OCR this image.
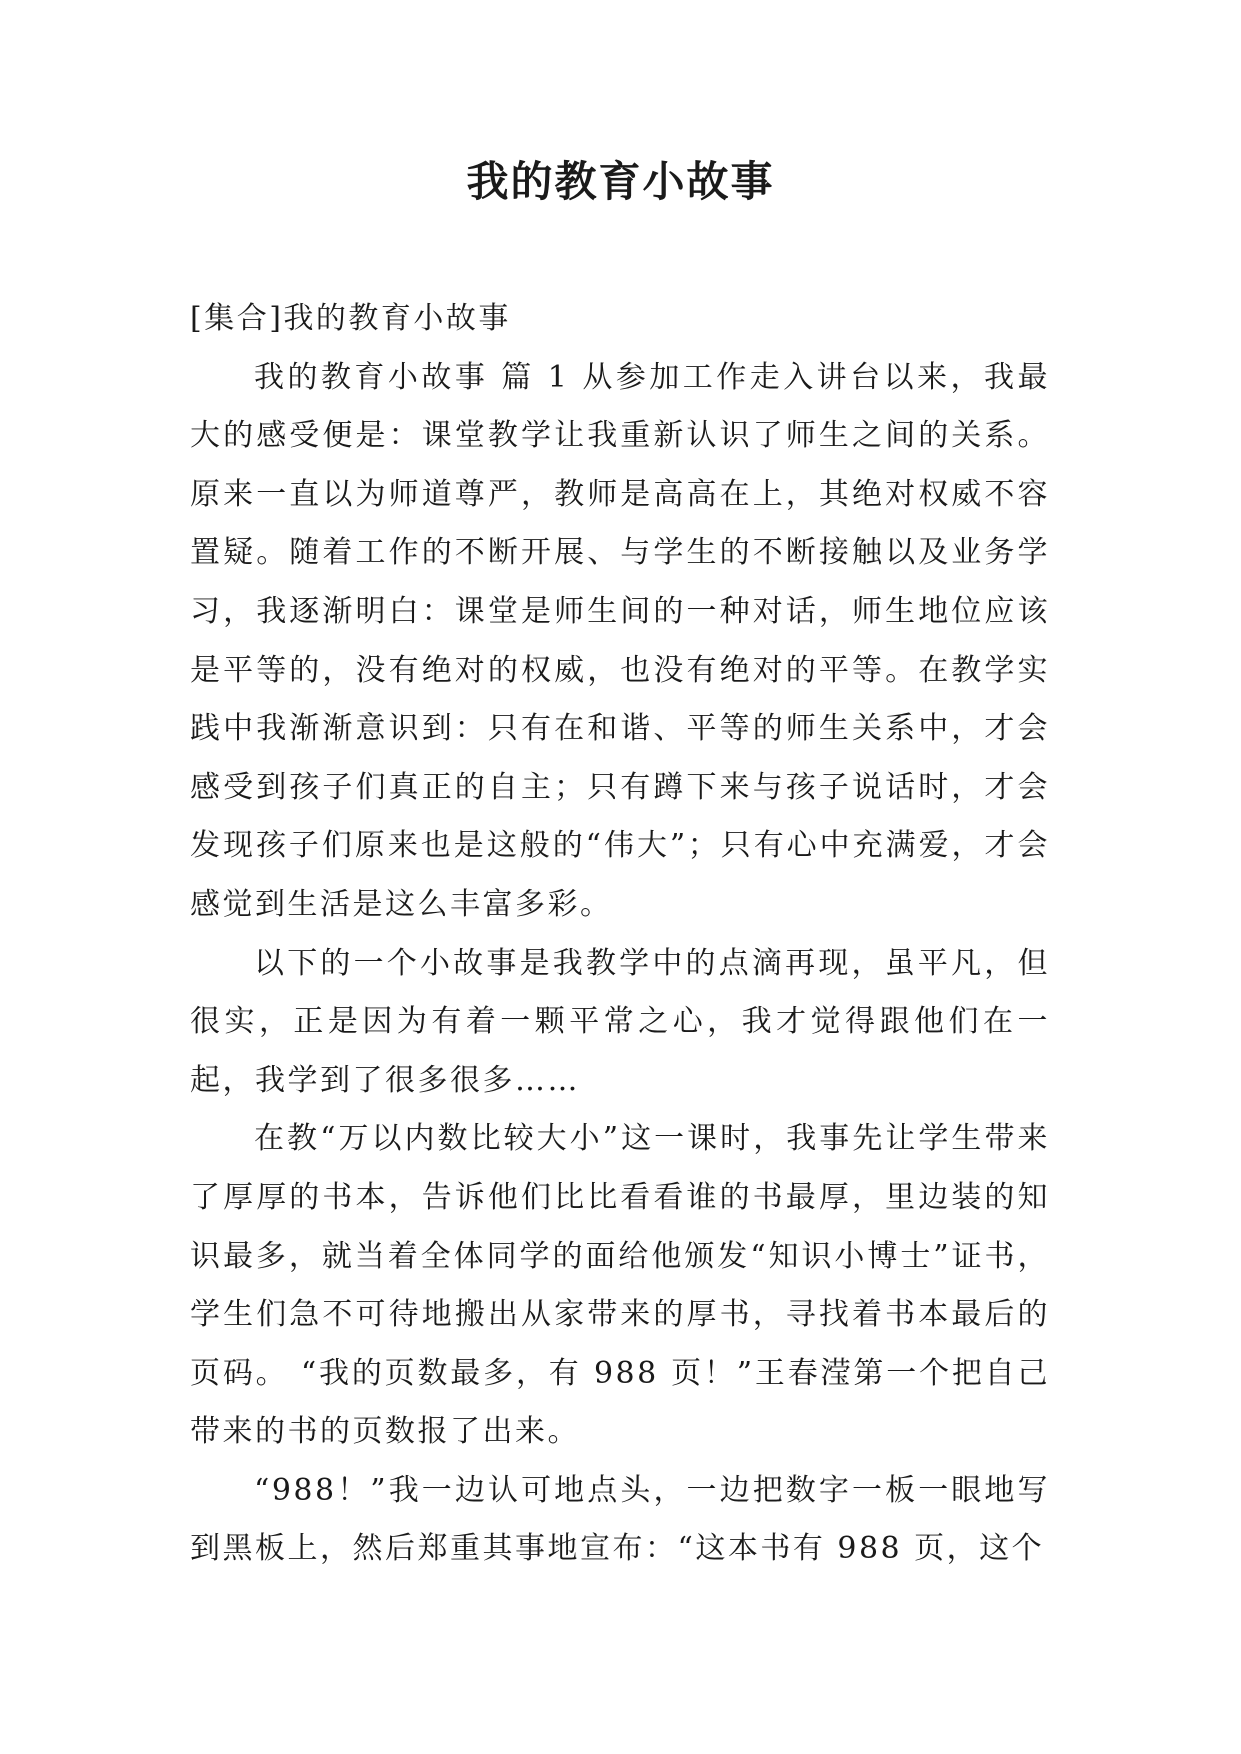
我的教育小故事

[集合]我的教育小故事

我的教育小故事 篇 1 从参加工作走入讲台以来，我最大的感受便是：课堂教学让我重新认识了师生之间的关系。原来一直以为师道尊严，教师是高高在上，其绝对权威不容置疑。随着工作的不断开展、与学生的不断接触以及业务学习，我逐渐明白：课堂是师生间的一种对话，师生地位应该是平等的，没有绝对的权威，也没有绝对的平等。在教学实践中我渐渐意识到：只有在和谐、平等的师生关系中，才会感受到孩子们真正的自主；只有蹲下来与孩子说话时，才会发现孩子们原来也是这般的“伟大”；只有心中充满爱，才会感觉到生活是这么丰富多彩。

以下的一个小故事是我教学中的点滴再现，虽平凡，但很实，正是因为有着一颗平常之心，我才觉得跟他们在一起，我学到了很多很多……

在教“万以内数比较大小”这一课时，我事先让学生带来了厚厚的书本，告诉他们比比看看谁的书最厚，里边装的知识最多，就当着全体同学的面给他颁发“知识小博士”证书，学生们急不可待地搬出从家带来的厚书，寻找着书本最后的页码。 “我的页数最多，有 988 页！”王春滢第一个把自己带来的书的页数报了出来。

“988！”我一边认可地点头，一边把数字一板一眼地写到黑板上，然后郑重其事地宣布：“这本书有 988 页，这个
